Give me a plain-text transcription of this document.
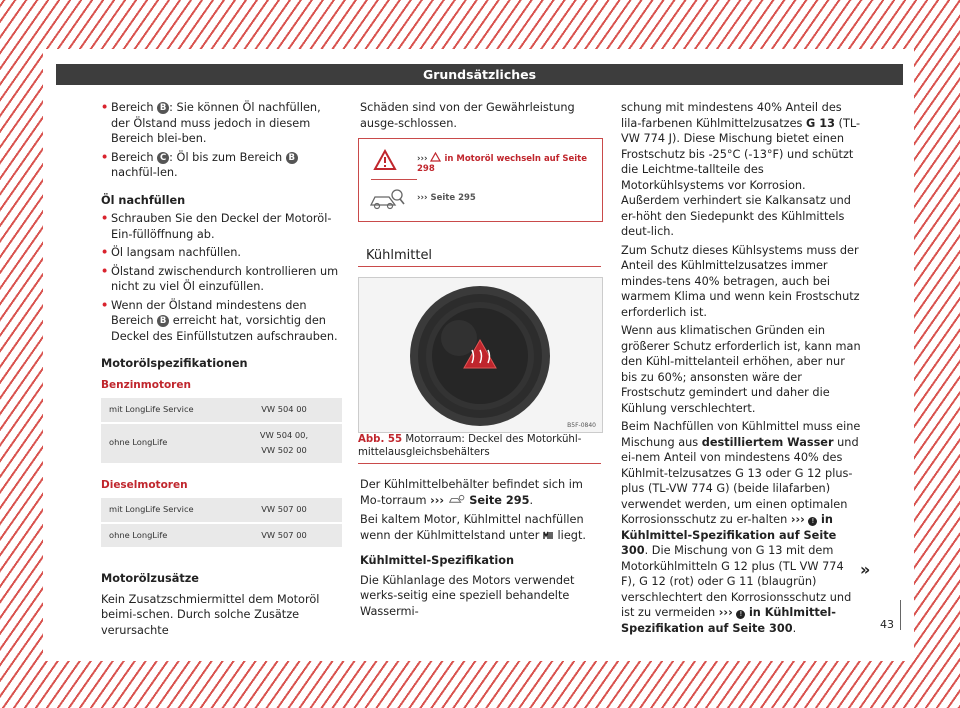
Grundsätzliches

• Bereich B : Sie können Öl nachfüllen, der Ölstand muss jedoch in diesem Bereich blei-ben.

• Bereich C : Öl bis zum Bereich B nachfül-len.

Öl nachfüllen

• Schrauben Sie den Deckel der Motoröl-Ein-füllöffnung ab.

• Öl langsam nachfüllen.

• Ölstand zwischendurch kontrollieren um nicht zu viel Öl einzufüllen.

• Wenn der Ölstand mindestens den Bereich B erreicht hat, vorsichtig den Deckel des Einfüllstutzen aufschrauben.

Motorölspezifikationen

Benzinmotoren

mit LongLife Service	VW 504 00
ohne LongLife	VW 504 00,
VW 502 00

Dieselmotoren

mit LongLife Service	VW 507 00
ohne LongLife	VW 507 00

Motorölzusätze

Kein Zusatzschmiermittel dem Motoröl beimi-schen. Durch solche Zusätze verursachte

Schäden sind von der Gewährleistung ausge-schlossen.

››› in Motoröl wechseln auf Seite 298
››› Seite 295
Kühlmittel
B5F-0840
Abb. 55 Motorraum: Deckel des Motorkühl-mittelausgleichsbehälters

Der Kühlmittelbehälter befindet sich im Mo-torraum ››› Seite 295.

Bei kaltem Motor, Kühlmittel nachfüllen wenn der Kühlmittelstand unter liegt.

Kühlmittel-Spezifikation

Die Kühlanlage des Motors verwendet werks-seitig eine speziell behandelte Wassermi-

schung mit mindestens 40% Anteil des lila-farbenen Kühlmittelzusatzes G 13 (TL-VW 774 J). Diese Mischung bietet einen Frostschutz bis -25°C (-13°F) und schützt die Leichtme-tallteile des Motorkühlsystems vor Korrosion. Außerdem verhindert sie Kalkansatz und er-höht den Siedepunkt des Kühlmittels deut-lich.

Zum Schutz dieses Kühlsystems muss der Anteil des Kühlmittelzusatzes immer mindes-tens 40% betragen, auch bei warmem Klima und wenn kein Frostschutz erforderlich ist.

Wenn aus klimatischen Gründen ein größerer Schutz erforderlich ist, kann man den Kühl-mittelanteil erhöhen, aber nur bis zu 60%; ansonsten wäre der Frostschutz gemindert und daher die Kühlung verschlechtert.

Beim Nachfüllen von Kühlmittel muss eine Mischung aus destilliertem Wasser und ei-nem Anteil von mindestens 40% des Kühlmit-telzusatzes G 13 oder G 12 plus-plus (TL-VW 774 G) (beide lilafarben) verwendet werden, um einen optimalen Korrosionsschutz zu er-halten ››› ! in Kühlmittel-Spezifikation auf Seite 300. Die Mischung von G 13 mit dem Motorkühlmitteln G 12 plus (TL VW 774 F), G 12 (rot) oder G 11 (blaugrün) verschlechtert den Korrosionsschutz und ist zu vermeiden ››› ! in Kühlmittel-Spezifikation auf Seite 300.

»
43
